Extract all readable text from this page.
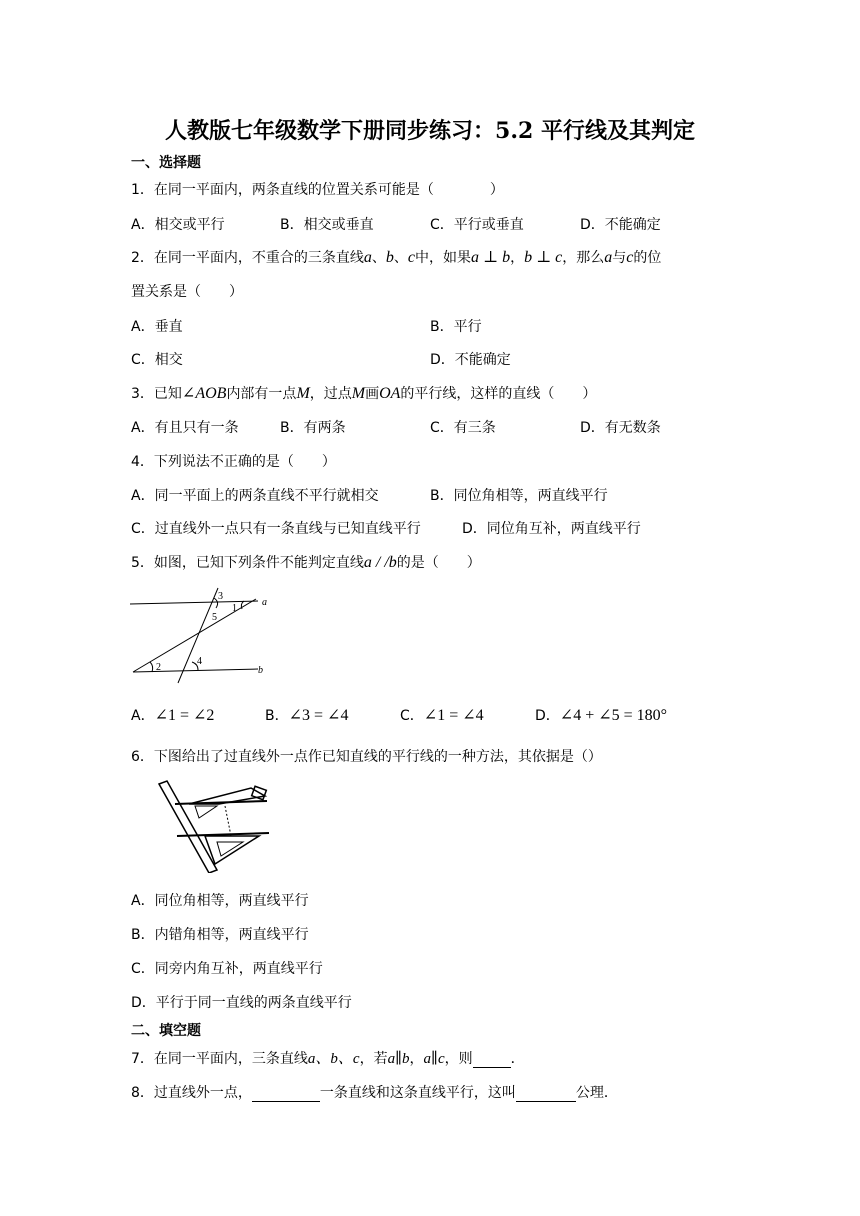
人教版七年级数学下册同步练习：5.2 平行线及其判定
一、选择题
1．在同一平面内，两条直线的位置关系可能是（　　　　）
A．相交或平行	B．相交或垂直	C．平行或垂直	D．不能确定
2．在同一平面内，不重合的三条直线a、b、c中，如果a ⊥ b，b ⊥ c，那么a与c的位
置关系是（　　）
A．垂直	B．平行
C．相交	D．不能确定
3．已知∠AOB内部有一点M，过点M画OA的平行线，这样的直线（　　）
A．有且只有一条	B．有两条	C．有三条	D．有无数条
4．下列说法不正确的是（　　）
A．同一平面上的两条直线不平行就相交	B．同位角相等，两直线平行
C．过直线外一点只有一条直线与已知直线平行	D．同位角互补，两直线平行
5．如图，已知下列条件不能判定直线a / /b的是（　　）
3
1
5
2
4
a
b
A．∠1 = ∠2	B．∠3 = ∠4	C．∠1 = ∠4	D．∠4 + ∠5 = 180°
6．下图给出了过直线外一点作已知直线的平行线的一种方法，其依据是（）
A．同位角相等，两直线平行
B．内错角相等，两直线平行
C．同旁内角互补，两直线平行
D．平行于同一直线的两条直线平行
二、填空题
7．在同一平面内，三条直线a、b、c，若a∥b，a∥c，则	．
8．过直线外一点，	一条直线和这条直线平行，这叫	公理．
